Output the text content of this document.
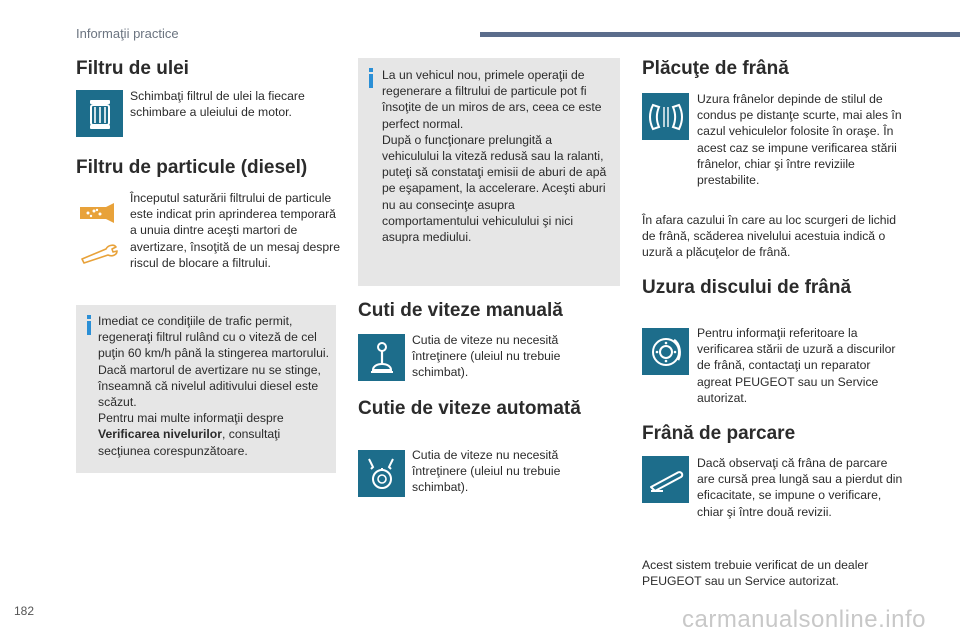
Informaţii practice
Filtru de ulei
Schimbaţi filtrul de ulei la fiecare schimbare a uleiului de motor.
Filtru de particule (diesel)
Începutul saturării filtrului de particule este indicat prin aprinderea temporară a unuia dintre aceşti martori de avertizare, însoţită de un mesaj despre riscul de blocare a filtrului.
Imediat ce condiţiile de trafic permit, regeneraţi filtrul rulând cu o viteză de cel puţin 60 km/h până la stingerea martorului.
Dacă martorul de avertizare nu se stinge, înseamnă că nivelul aditivului diesel este scăzut.
Pentru mai multe informaţii despre Verificarea nivelurilor, consultaţi secţiunea corespunzătoare.
La un vehicul nou, primele operaţii de regenerare a filtrului de particule pot fi însoţite de un miros de ars, ceea ce este perfect normal.
După o funcţionare prelungită a vehiculului la viteză redusă sau la ralanti, puteţi să constataţi emisii de aburi de apă pe eşapament, la accelerare. Aceşti aburi nu au consecinţe asupra comportamentului vehiculului şi nici asupra mediului.
Cuti de viteze manuală
Cutia de viteze nu necesită întreţinere (uleiul nu trebuie schimbat).
Cutie de viteze automată
Cutia de viteze nu necesită întreţinere (uleiul nu trebuie schimbat).
Plăcuţe de frână
Uzura frânelor depinde de stilul de condus pe distanţe scurte, mai ales în cazul vehiculelor folosite în oraşe. În acest caz se impune verificarea stării frânelor, chiar şi între reviziile prestabilite.
În afara cazului în care au loc scurgeri de lichid de frână, scăderea nivelului acestuia indică o uzură a plăcuţelor de frână.
Uzura discului de frână
Pentru informaţii referitoare la verificarea stării de uzură a discurilor de frână, contactaţi un reparator agreat PEUGEOT sau un Service autorizat.
Frână de parcare
Dacă observaţi că frâna de parcare are cursă prea lungă sau a pierdut din eficacitate, se impune o verificare, chiar şi între două revizii.
Acest sistem trebuie verificat de un dealer PEUGEOT sau un Service autorizat.
182	carmanualsonline.info
